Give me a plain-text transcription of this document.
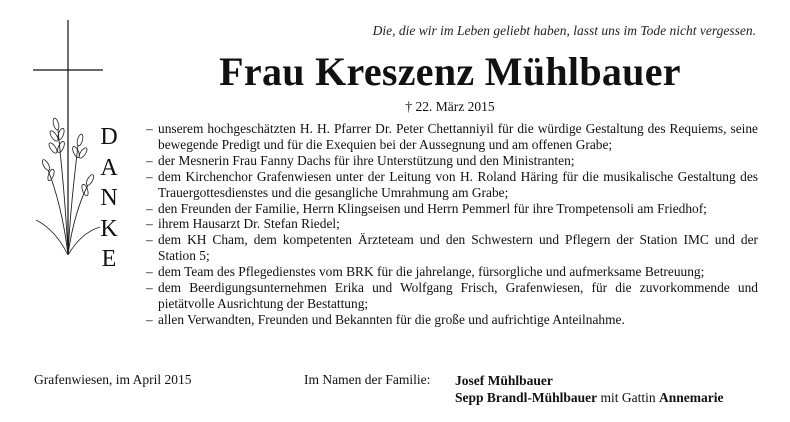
Die, die wir im Leben geliebt haben, lasst uns im Tode nicht vergessen.
D
A
N
K
E
Frau Kreszenz Mühlbauer
† 22. März 2015
– unserem hochgeschätzten H. H. Pfarrer Dr. Peter Chettanniyil für die würdige Gestaltung des Requiems, seine bewegende Predigt und für die Exequien bei der Aussegnung und am offenen Grabe;
– der Mesnerin Frau Fanny Dachs für ihre Unterstützung und den Ministranten;
– dem Kirchenchor Grafenwiesen unter der Leitung von H. Roland Häring für die musikalische Gestaltung des Trauergottesdienstes und die gesangliche Umrahmung am Grabe;
– den Freunden der Familie, Herrn Klingseisen und Herrn Pemmerl für ihre Trompetensoli am Friedhof;
– ihrem Hausarzt Dr. Stefan Riedel;
– dem KH Cham, dem kompetenten Ärzteteam und den Schwestern und Pflegern der Station IMC und der Station 5;
– dem Team des Pflegedienstes vom BRK für die jahrelange, fürsorgliche und aufmerksame Betreuung;
– dem Beerdigungsunternehmen Erika und Wolfgang Frisch, Grafenwiesen, für die zuvorkommende und pietätvolle Ausrichtung der Bestattung;
– allen Verwandten, Freunden und Bekannten für die große und aufrichtige Anteilnahme.
Grafenwiesen, im April 2015	Im Namen der Familie: Josef Mühlbauer
Sepp Brandl-Mühlbauer mit Gattin Annemarie
